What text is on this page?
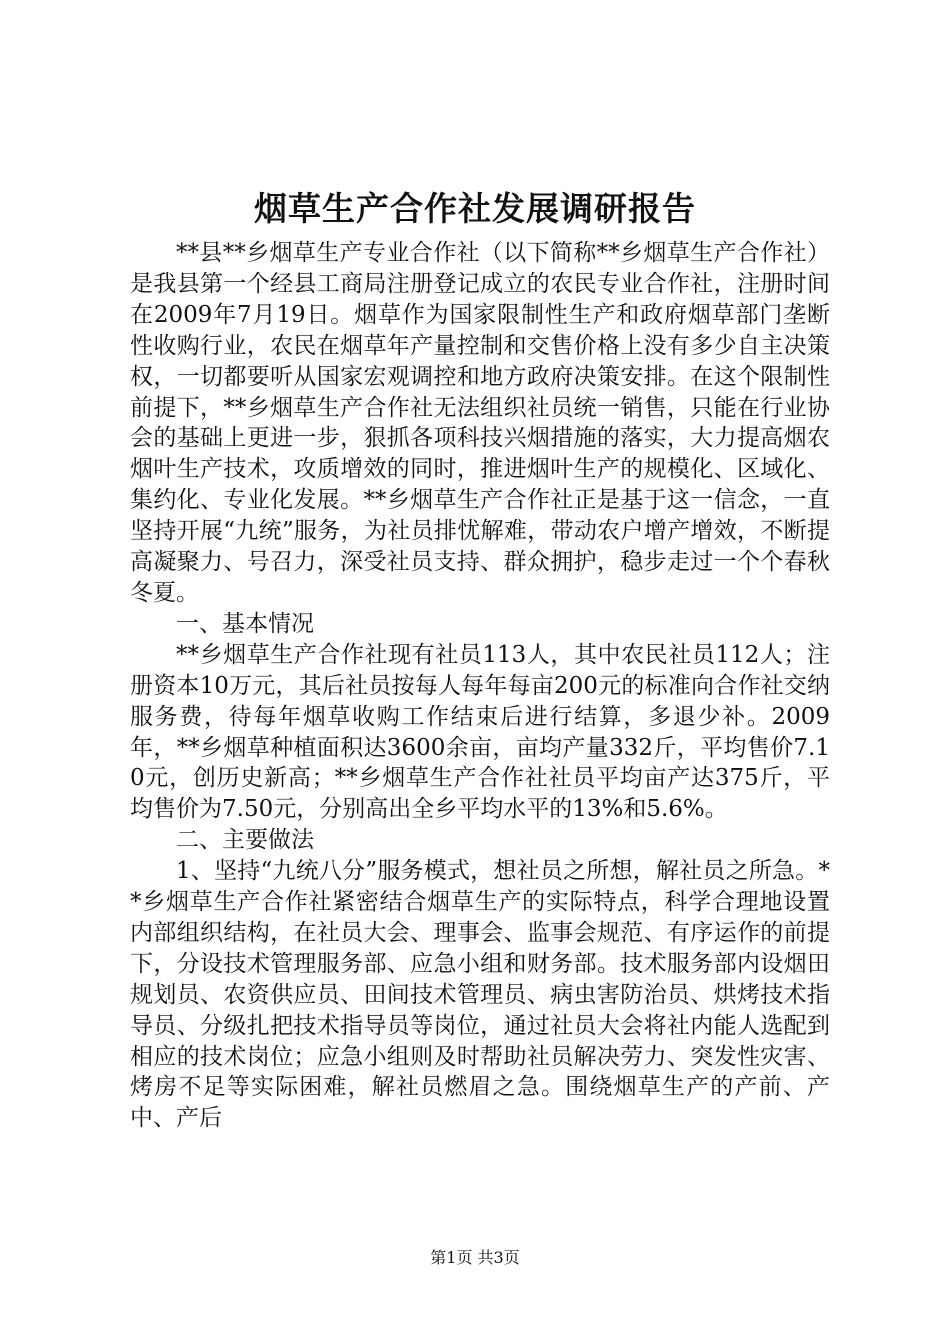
烟草生产合作社发展调研报告

**县**乡烟草生产专业合作社（以下简称**乡烟草生产合作社）是我县第一个经县工商局注册登记成立的农民专业合作社，注册时间在2009年7月19日。烟草作为国家限制性生产和政府烟草部门垄断性收购行业，农民在烟草年产量控制和交售价格上没有多少自主决策权，一切都要听从国家宏观调控和地方政府决策安排。在这个限制性前提下，**乡烟草生产合作社无法组织社员统一销售，只能在行业协会的基础上更进一步，狠抓各项科技兴烟措施的落实，大力提高烟农烟叶生产技术，攻质增效的同时，推进烟叶生产的规模化、区域化、集约化、专业化发展。**乡烟草生产合作社正是基于这一信念，一直坚持开展“九统”服务，为社员排忧解难，带动农户增产增效，不断提高凝聚力、号召力，深受社员支持、群众拥护，稳步走过一个个春秋冬夏。

一、基本情况

**乡烟草生产合作社现有社员113人，其中农民社员112人；注册资本10万元，其后社员按每人每年每亩200元的标准向合作社交纳服务费，待每年烟草收购工作结束后进行结算，多退少补。2009年，**乡烟草种植面积达3600余亩，亩均产量332斤，平均售价7.10元，创历史新高；**乡烟草生产合作社社员平均亩产达375斤，平均售价为7.50元，分别高出全乡平均水平的13%和5.6%。

二、主要做法

1、坚持“九统八分”服务模式，想社员之所想，解社员之所急。**乡烟草生产合作社紧密结合烟草生产的实际特点，科学合理地设置内部组织结构，在社员大会、理事会、监事会规范、有序运作的前提下，分设技术管理服务部、应急小组和财务部。技术服务部内设烟田规划员、农资供应员、田间技术管理员、病虫害防治员、烘烤技术指导员、分级扎把技术指导员等岗位，通过社员大会将社内能人选配到相应的技术岗位；应急小组则及时帮助社员解决劳力、突发性灾害、烤房不足等实际困难，解社员燃眉之急。围绕烟草生产的产前、产中、产后

第1页 共3页
